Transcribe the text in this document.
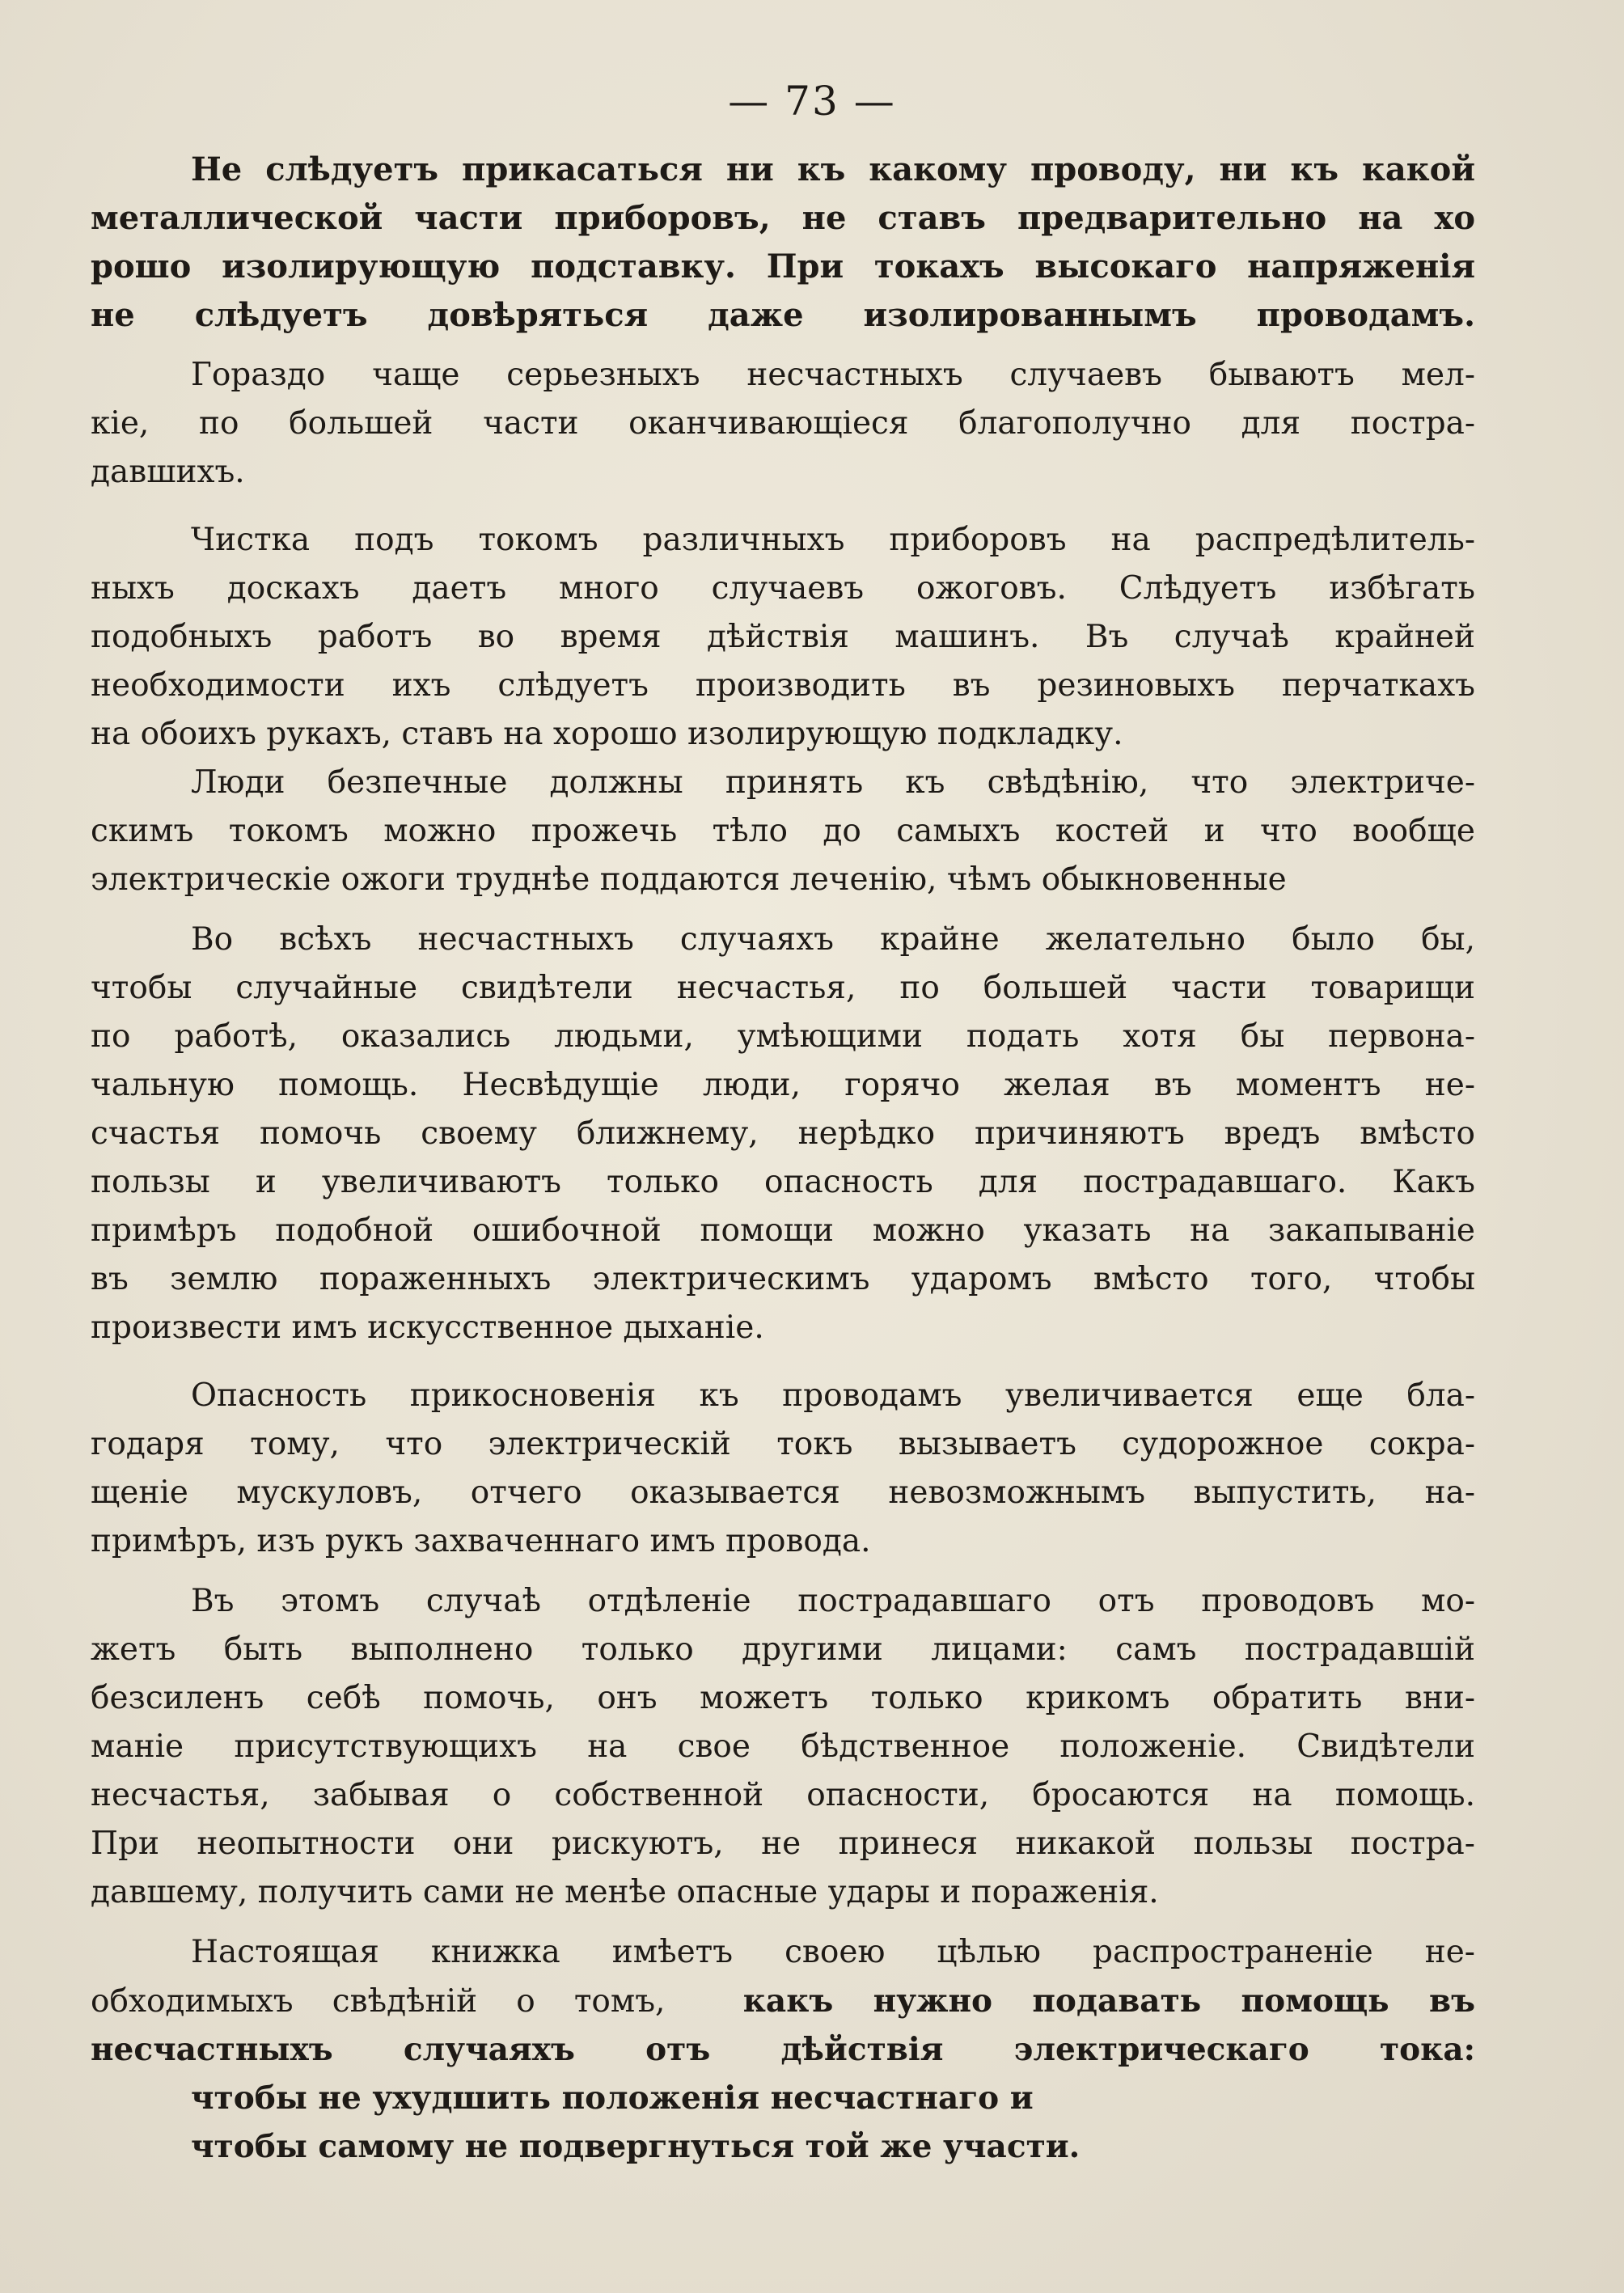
— 73 —
Не слѣдуетъ прикасаться ни къ какому проводу, ни къ какой
металлической части приборовъ, не ставъ предварительно на хо
рошо изолирующую подставку. При токахъ высокаго напряженія
не слѣдуетъ довѣряться даже изолированнымъ проводамъ.
Гораздо чаще серьезныхъ несчастныхъ случаевъ бываютъ мел-
кіе, по большей части оканчивающіеся благополучно для постра-
давшихъ.
Чистка подъ токомъ различныхъ приборовъ на распредѣлитель-
ныхъ доскахъ даетъ много случаевъ ожоговъ. Слѣдуетъ избѣгать
подобныхъ работъ во время дѣйствія машинъ. Въ случаѣ крайней
необходимости ихъ слѣдуетъ производить въ резиновыхъ перчаткахъ
на обоихъ рукахъ, ставъ на хорошо изолирующую подкладку.
Люди безпечные должны принять къ свѣдѣнію, что электриче-
скимъ токомъ можно прожечь тѣло до самыхъ костей и что вообще
электрическіе ожоги труднѣе поддаются леченію, чѣмъ обыкновенные
Во всѣхъ несчастныхъ случаяхъ крайне желательно было бы,
чтобы случайные свидѣтели несчастья, по большей части товарищи
по работѣ, оказались людьми, умѣющими подать хотя бы первона-
чальную помощь. Несвѣдущіе люди, горячо желая въ моментъ не-
счастья помочь своему ближнему, нерѣдко причиняютъ вредъ вмѣсто
пользы и увеличиваютъ только опасность для пострадавшаго. Какъ
примѣръ подобной ошибочной помощи можно указать на закапываніе
въ землю пораженныхъ электрическимъ ударомъ вмѣсто того, чтобы
произвести имъ искусственное дыханіе.
Опасность прикосновенія къ проводамъ увеличивается еще бла-
годаря тому, что электрическій токъ вызываетъ судорожное сокра-
щеніе мускуловъ, отчего оказывается невозможнымъ выпустить, на-
примѣръ, изъ рукъ захваченнаго имъ провода.
Въ этомъ случаѣ отдѣленіе пострадавшаго отъ проводовъ мо-
жетъ быть выполнено только другими лицами: самъ пострадавшій
безсиленъ себѣ помочь, онъ можетъ только крикомъ обратить вни-
маніе присутствующихъ на свое бѣдственное положеніе. Свидѣтели
несчастья, забывая о собственной опасности, бросаются на помощь.
При неопытности они рискуютъ, не принеся никакой пользы постра-
давшему, получить сами не менѣе опасные удары и пораженія.
Настоящая книжка имѣетъ своею цѣлью распространеніе не-
обходимыхъ свѣдѣній о томъ, какъ нужно подавать помощь въ
несчастныхъ случаяхъ отъ дѣйствія электрическаго тока:
чтобы не ухудшить положенія несчастнаго и
чтобы самому не подвергнуться той же участи.
